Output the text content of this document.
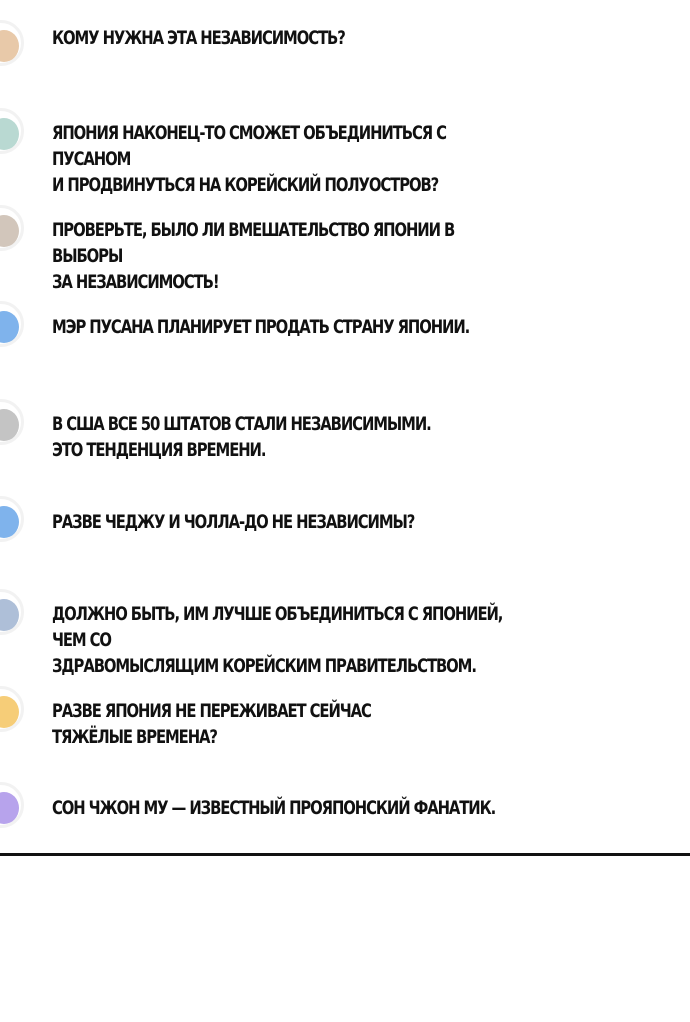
КОМУ НУЖНА ЭТА НЕЗАВИСИМОСТЬ?
ЯПОНИЯ НАКОНЕЦ-ТО СМОЖЕТ ОБЪЕДИНИТЬСЯ С ПУСАНОМ
И ПРОДВИНУТЬСЯ НА КОРЕЙСКИЙ ПОЛУОСТРОВ?
ПРОВЕРЬТЕ, БЫЛО ЛИ ВМЕШАТЕЛЬСТВО ЯПОНИИ В ВЫБОРЫ
ЗА НЕЗАВИСИМОСТЬ!
МЭР ПУСАНА ПЛАНИРУЕТ ПРОДАТЬ СТРАНУ ЯПОНИИ.
В США ВСЕ 50 ШТАТОВ СТАЛИ НЕЗАВИСИМЫМИ.
ЭТО ТЕНДЕНЦИЯ ВРЕМЕНИ.
РАЗВЕ ЧЕДЖУ И ЧОЛЛА-ДО НЕ НЕЗАВИСИМЫ?
ДОЛЖНО БЫТЬ, ИМ ЛУЧШЕ ОБЪЕДИНИТЬСЯ С ЯПОНИЕЙ, ЧЕМ СО
ЗДРАВОМЫСЛЯЩИМ КОРЕЙСКИМ ПРАВИТЕЛЬСТВОМ.
РАЗВЕ ЯПОНИЯ НЕ ПЕРЕЖИВАЕТ СЕЙЧАС
ТЯЖЁЛЫЕ ВРЕМЕНА?
СОН ЧЖОН МУ — ИЗВЕСТНЫЙ ПРОЯПОНСКИЙ ФАНАТИК.
